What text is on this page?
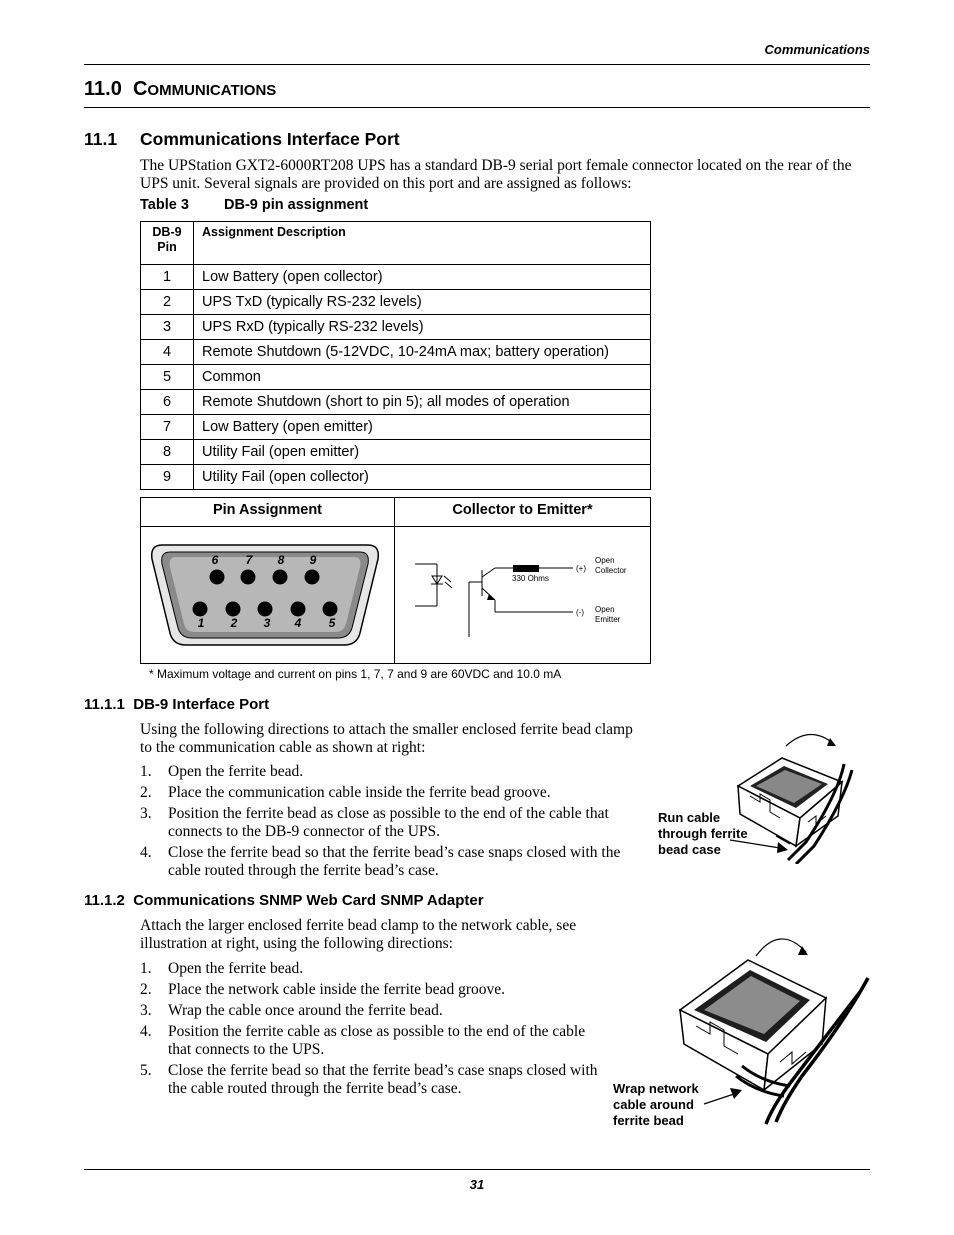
Communications
11.0 COMMUNICATIONS
11.1 Communications Interface Port
The UPStation GXT2-6000RT208 UPS has a standard DB-9 serial port female connector located on the rear of the UPS unit. Several signals are provided on this port and are assigned as follows:
Table 3 DB-9 pin assignment
DB-9
Pin	Assignment Description
1	Low Battery (open collector)
2	UPS TxD (typically RS-232 levels)
3	UPS RxD (typically RS-232 levels)
4	Remote Shutdown (5-12VDC, 10-24mA max; battery operation)
5	Common
6	Remote Shutdown (short to pin 5); all modes of operation
7	Low Battery (open emitter)
8	Utility Fail (open emitter)
9	Utility Fail (open collector)
Pin Assignment	Collector to Emitter*
6 7 8 9
1 2 3 4 5
330 Ohms
(+)
(-)
Open
Collector
Open
Emitter
* Maximum voltage and current on pins 1, 7, 7 and 9 are 60VDC and 10.0 mA
11.1.1 DB-9 Interface Port
Using the following directions to attach the smaller enclosed ferrite bead clamp to the communication cable as shown at right:
1. Open the ferrite bead.
2. Place the communication cable inside the ferrite bead groove.
3. Position the ferrite bead as close as possible to the end of the cable that connects to the DB-9 connector of the UPS.
4. Close the ferrite bead so that the ferrite bead’s case snaps closed with the cable routed through the ferrite bead’s case.
Run cable
through ferrite
bead case
11.1.2 Communications SNMP Web Card SNMP Adapter
Attach the larger enclosed ferrite bead clamp to the network cable, see illustration at right, using the following directions:
1. Open the ferrite bead.
2. Place the network cable inside the ferrite bead groove.
3. Wrap the cable once around the ferrite bead.
4. Position the ferrite cable as close as possible to the end of the cable that connects to the UPS.
5. Close the ferrite bead so that the ferrite bead’s case snaps closed with the cable routed through the ferrite bead’s case.	Wrap network
cable around
ferrite bead
31
